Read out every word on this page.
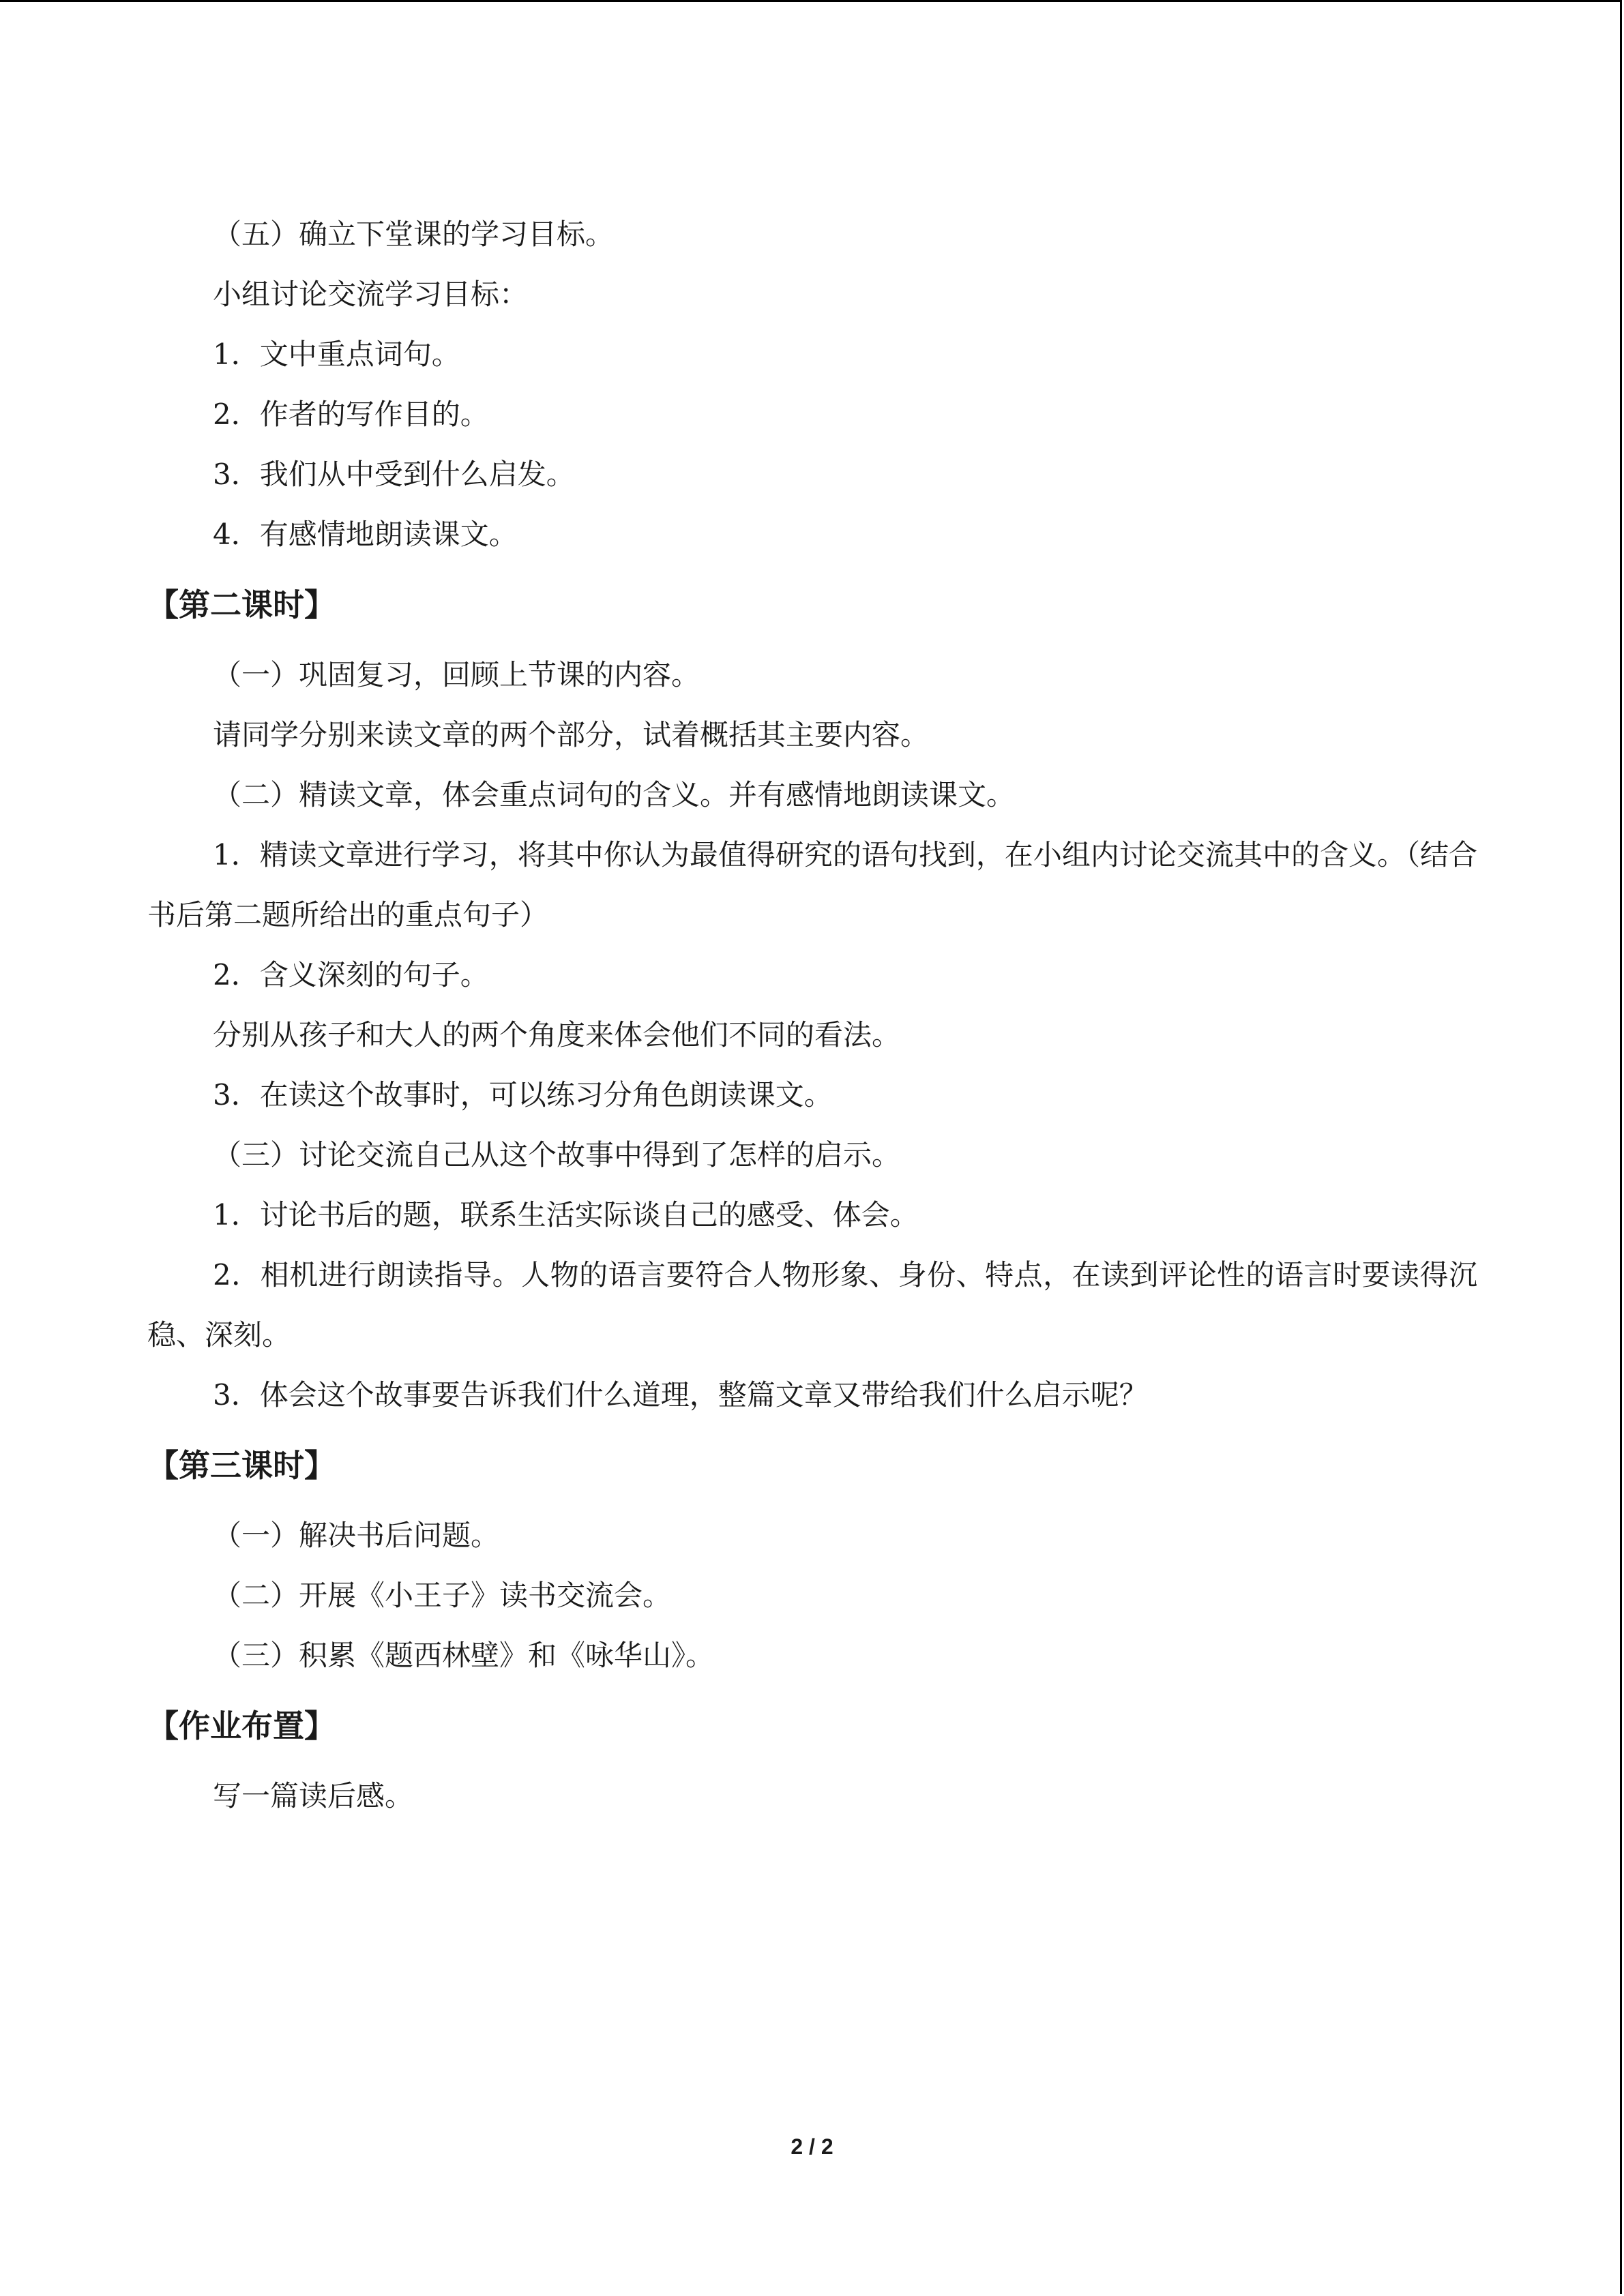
（五）确立下堂课的学习目标。

小组讨论交流学习目标：

1．文中重点词句。

2．作者的写作目的。

3．我们从中受到什么启发。

4．有感情地朗读课文。

【第二课时】

（一）巩固复习，回顾上节课的内容。

请同学分别来读文章的两个部分，试着概括其主要内容。

（二）精读文章，体会重点词句的含义。并有感情地朗读课文。

1．精读文章进行学习，将其中你认为最值得研究的语句找到，在小组内讨论交流其中的含义。（结合书后第二题所给出的重点句子）

2．含义深刻的句子。

分别从孩子和大人的两个角度来体会他们不同的看法。

3．在读这个故事时，可以练习分角色朗读课文。

（三）讨论交流自己从这个故事中得到了怎样的启示。

1．讨论书后的题，联系生活实际谈自己的感受、体会。

2．相机进行朗读指导。人物的语言要符合人物形象、身份、特点，在读到评论性的语言时要读得沉稳、深刻。

3．体会这个故事要告诉我们什么道理，整篇文章又带给我们什么启示呢？

【第三课时】

（一）解决书后问题。

（二）开展《小王子》读书交流会。

（三）积累《题西林壁》和《咏华山》。

【作业布置】

写一篇读后感。

2 / 2
